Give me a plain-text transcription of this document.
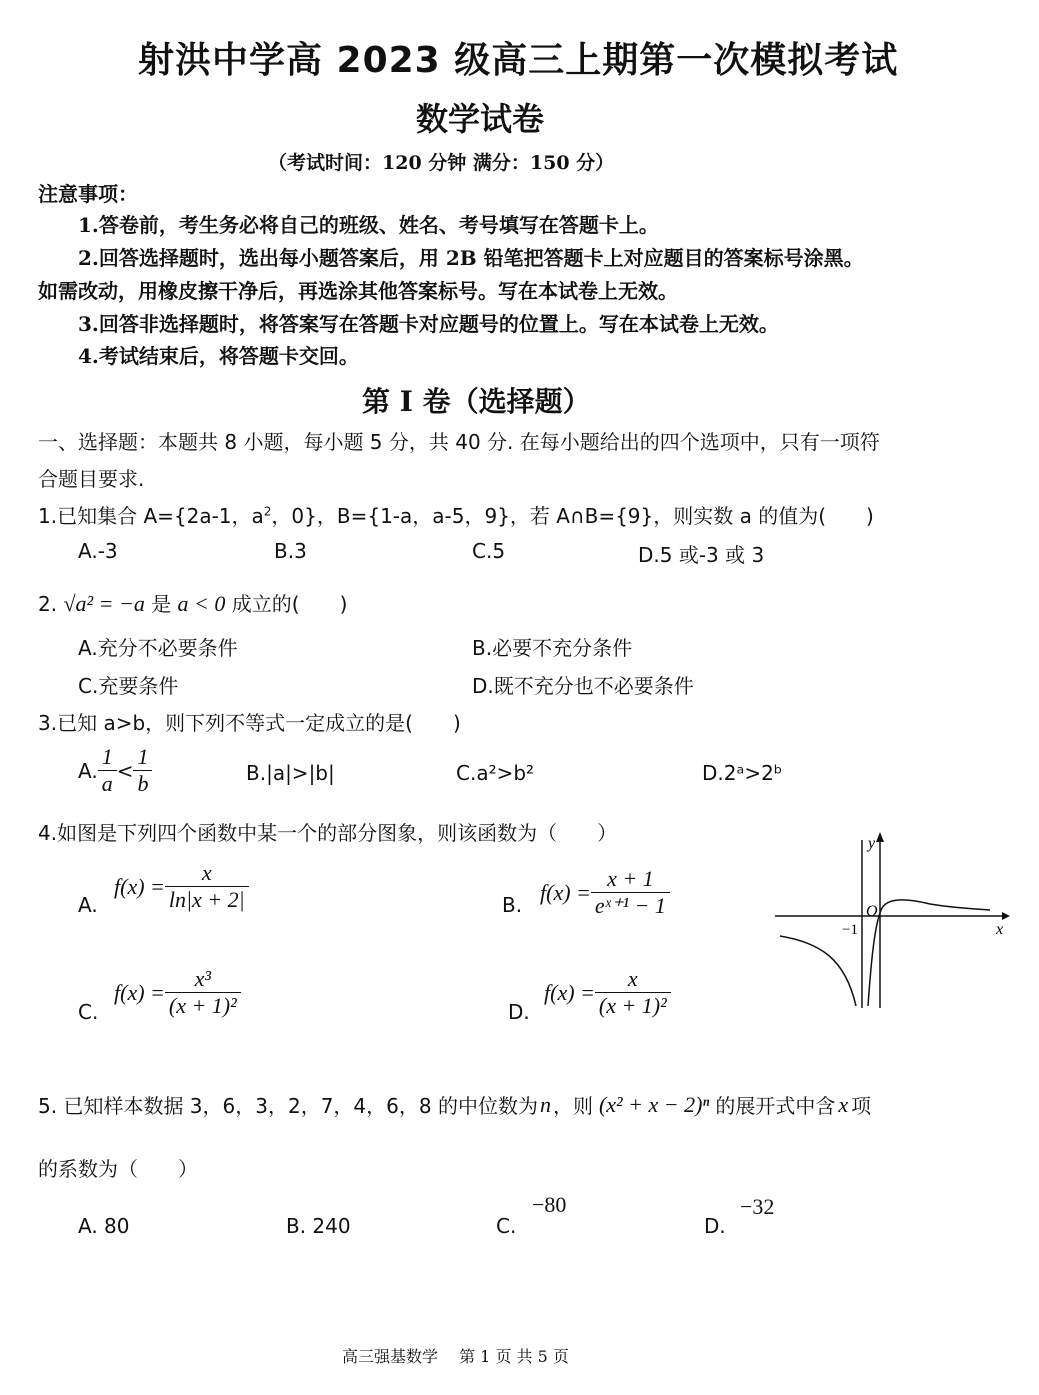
射洪中学高 2023 级高三上期第一次模拟考试
数学试卷
（考试时间：120 分钟 满分：150 分）
注意事项：
1.答卷前，考生务必将自己的班级、姓名、考号填写在答题卡上。
2.回答选择题时，选出每小题答案后，用 2B 铅笔把答题卡上对应题目的答案标号涂黑。
如需改动，用橡皮擦干净后，再选涂其他答案标号。写在本试卷上无效。
3.回答非选择题时，将答案写在答题卡对应题号的位置上。写在本试卷上无效。
4.考试结束后，将答题卡交回。
第 I 卷（选择题）
一、选择题：本题共 8 小题，每小题 5 分，共 40 分. 在每小题给出的四个选项中，只有一项符
合题目要求.
1.已知集合 A={2a-1，$a^2$，0}，B={1-a，a-5，9}，若 A∩B={9}，则实数 a 的值为(　　)
A.-3	B.3	C.5	D.5 或-3 或 3
2. √a² = −a 是 a < 0 成立的(　　)
A.充分不必要条件	B.必要不充分条件
C.充要条件	D.既不充分也不必要条件
3.已知 a>b，则下列不等式一定成立的是(　　)
A. $\frac{1}{a} < \frac{1}{b}$	B.|a|>|b|	C.a²>b²	D.2ᵃ>2ᵇ
4.如图是下列四个函数中某一个的部分图象，则该函数为（　　）
A.
$f(x) = \frac{x}{\ln|x + 2|}$	B.
$f(x) = \frac{x + 1}{\text{eˣ⁺¹ − 1}}$
C.
$f(x) = \frac{\text{x³}}{\text{(x + 1)²}}$	D.
$f(x) = \frac{x}{\text{(x + 1)²}}$
y
x
O
−1
5. 已知样本数据 3，6，3，2，7，4，6，8 的中位数为 n ，则 (x² + x − 2)ⁿ 的展开式中含 x 项
的系数为（　　）
A. 80	B. 240	C.
−80
D.
−32
高三强基数学　 第 1 页 共 5 页
